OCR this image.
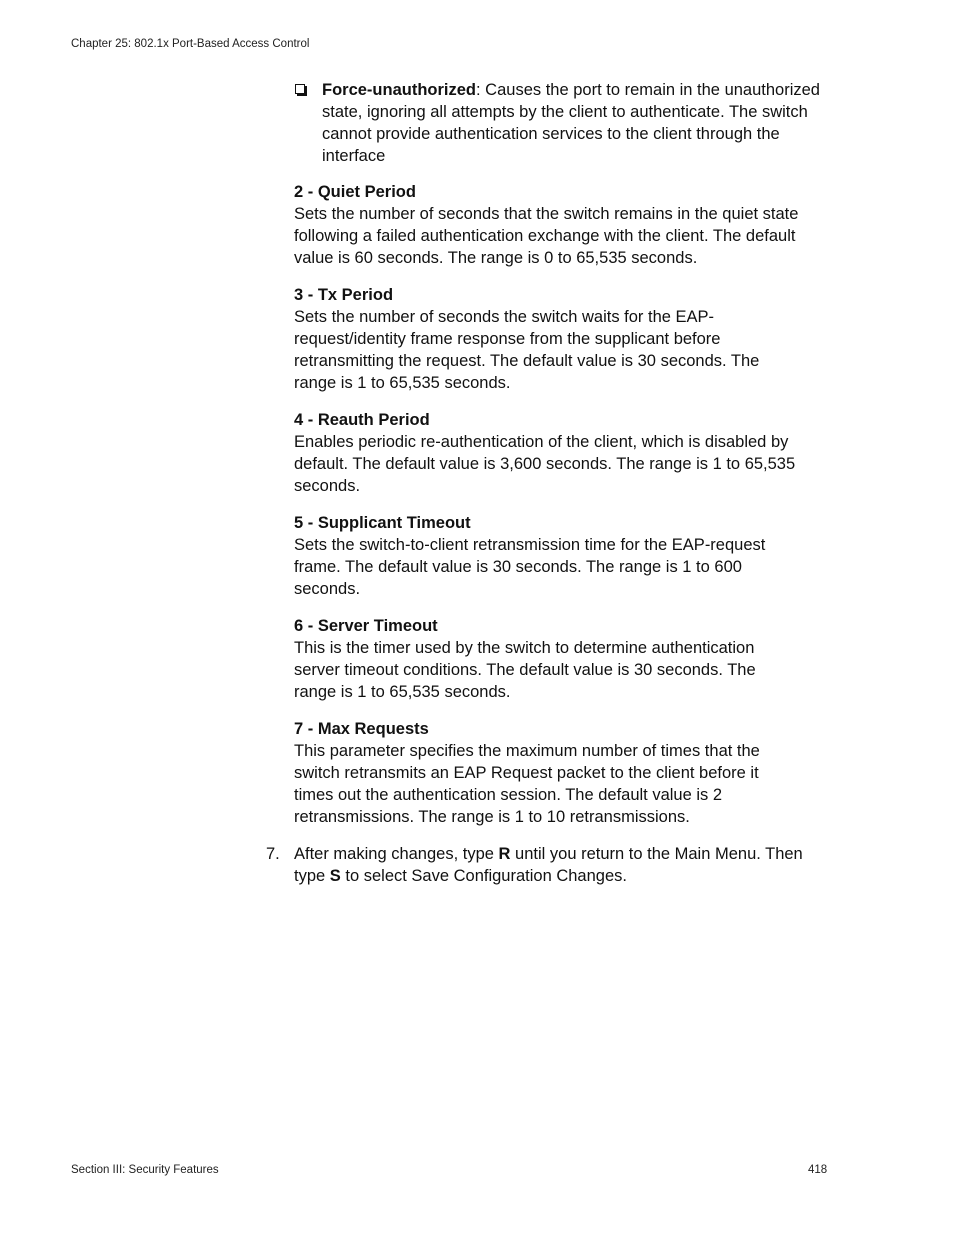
Chapter 25: 802.1x Port-Based Access Control
Force-unauthorized: Causes the port to remain in the unauthorized state, ignoring all attempts by the client to authenticate. The switch cannot provide authentication services to the client through the interface
2 - Quiet Period
Sets the number of seconds that the switch remains in the quiet state following a failed authentication exchange with the client. The default value is 60 seconds. The range is 0 to 65,535 seconds.
3 - Tx Period
Sets the number of seconds the switch waits for the EAP-request/identity frame response from the supplicant before retransmitting the request. The default value is 30 seconds. The range is 1 to 65,535 seconds.
4 - Reauth Period
Enables periodic re-authentication of the client, which is disabled by default. The default value is 3,600 seconds. The range is 1 to 65,535 seconds.
5 - Supplicant Timeout
Sets the switch-to-client retransmission time for the EAP-request frame. The default value is 30 seconds. The range is 1 to 600 seconds.
6 - Server Timeout
This is the timer used by the switch to determine authentication server timeout conditions. The default value is 30 seconds. The range is 1 to 65,535 seconds.
7 - Max Requests
This parameter specifies the maximum number of times that the switch retransmits an EAP Request packet to the client before it times out the authentication session. The default value is 2 retransmissions. The range is 1 to 10 retransmissions.
7. After making changes, type R until you return to the Main Menu. Then type S to select Save Configuration Changes.
Section III: Security Features	418
